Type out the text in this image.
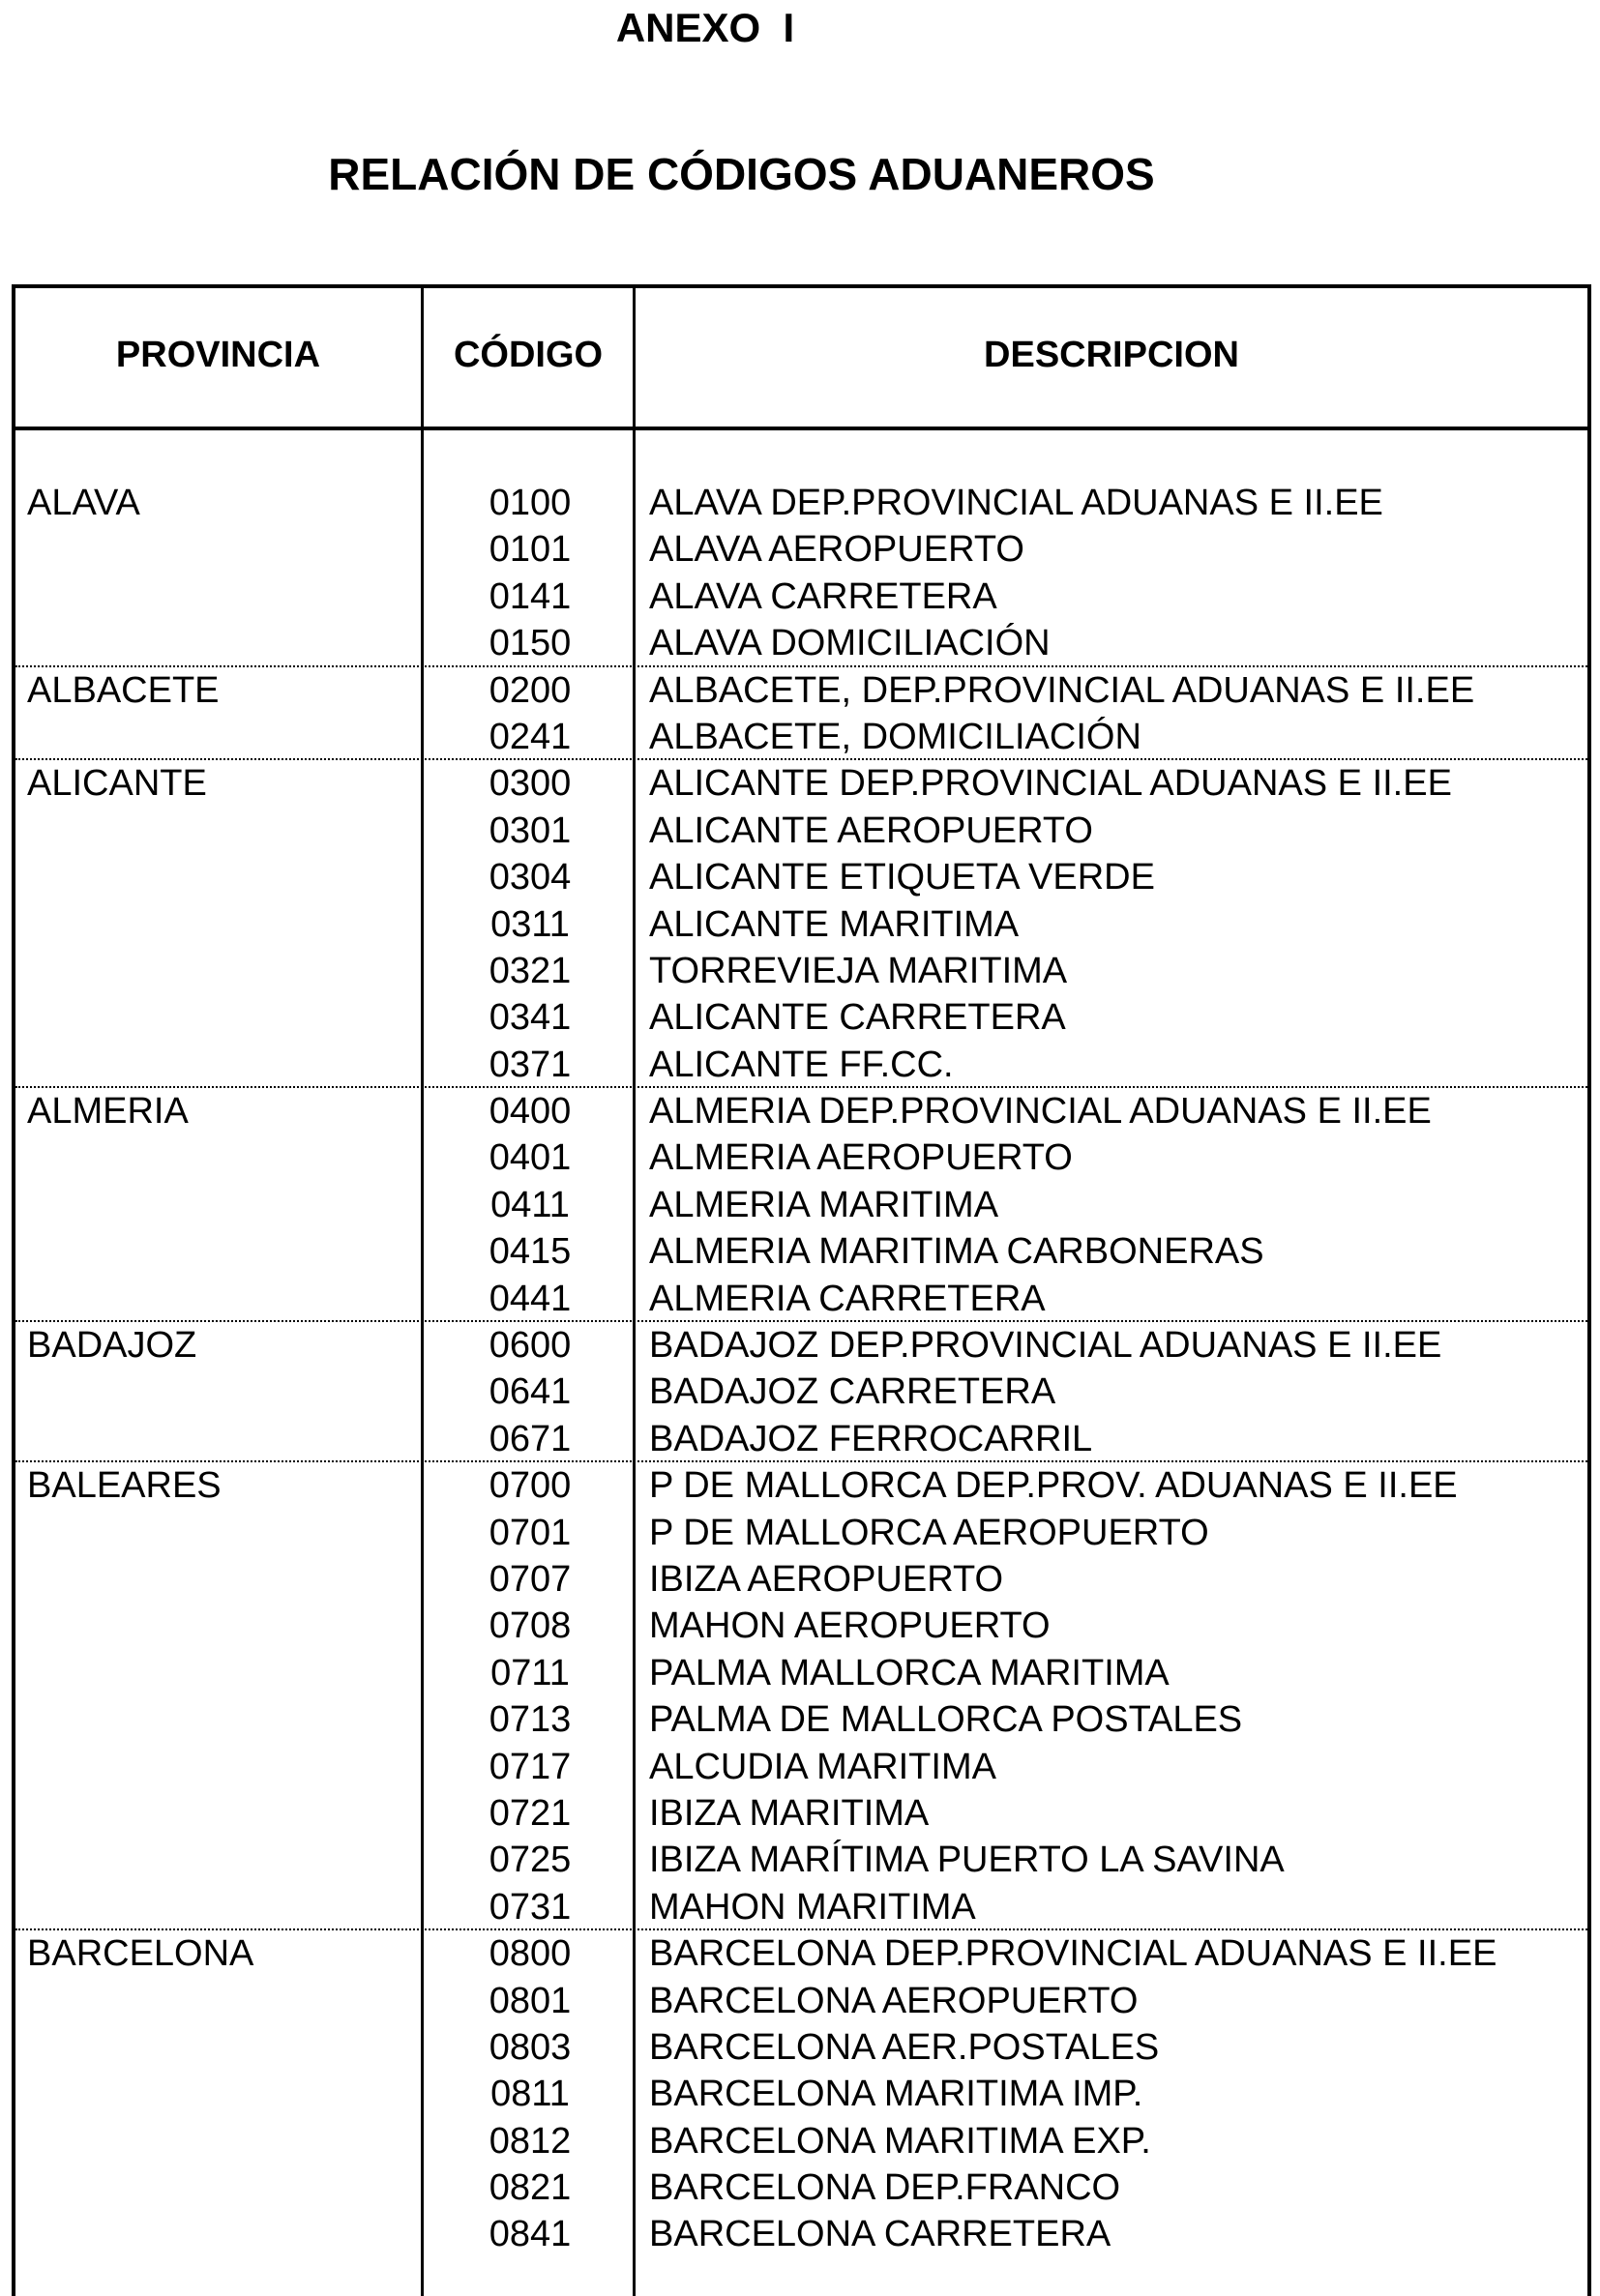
ANEXO  I
RELACIÓN DE CÓDIGOS ADUANEROS
PROVINCIA	CÓDIGO	DESCRIPCION
ALAVA	0100	ALAVA DEP.PROVINCIAL ADUANAS E II.EE
0101	ALAVA AEROPUERTO
0141	ALAVA CARRETERA
0150	ALAVA DOMICILIACIÓN
ALBACETE	0200	ALBACETE, DEP.PROVINCIAL ADUANAS E II.EE
0241	ALBACETE, DOMICILIACIÓN
ALICANTE	0300	ALICANTE DEP.PROVINCIAL ADUANAS E II.EE
0301	ALICANTE AEROPUERTO
0304	ALICANTE ETIQUETA VERDE
0311	ALICANTE MARITIMA
0321	TORREVIEJA MARITIMA
0341	ALICANTE CARRETERA
0371	ALICANTE FF.CC.
ALMERIA	0400	ALMERIA DEP.PROVINCIAL ADUANAS E II.EE
0401	ALMERIA AEROPUERTO
0411	ALMERIA MARITIMA
0415	ALMERIA MARITIMA CARBONERAS
0441	ALMERIA CARRETERA
BADAJOZ	0600	BADAJOZ DEP.PROVINCIAL ADUANAS E II.EE
0641	BADAJOZ CARRETERA
0671	BADAJOZ FERROCARRIL
BALEARES	0700	P DE MALLORCA DEP.PROV. ADUANAS E II.EE
0701	P DE MALLORCA AEROPUERTO
0707	IBIZA AEROPUERTO
0708	MAHON AEROPUERTO
0711	PALMA MALLORCA MARITIMA
0713	PALMA DE MALLORCA POSTALES
0717	ALCUDIA MARITIMA
0721	IBIZA MARITIMA
0725	IBIZA MARÍTIMA PUERTO LA SAVINA
0731	MAHON MARITIMA
BARCELONA	0800	BARCELONA DEP.PROVINCIAL ADUANAS E II.EE
0801	BARCELONA AEROPUERTO
0803	BARCELONA AER.POSTALES
0811	BARCELONA MARITIMA IMP.
0812	BARCELONA MARITIMA EXP.
0821	BARCELONA DEP.FRANCO
0841	BARCELONA CARRETERA
